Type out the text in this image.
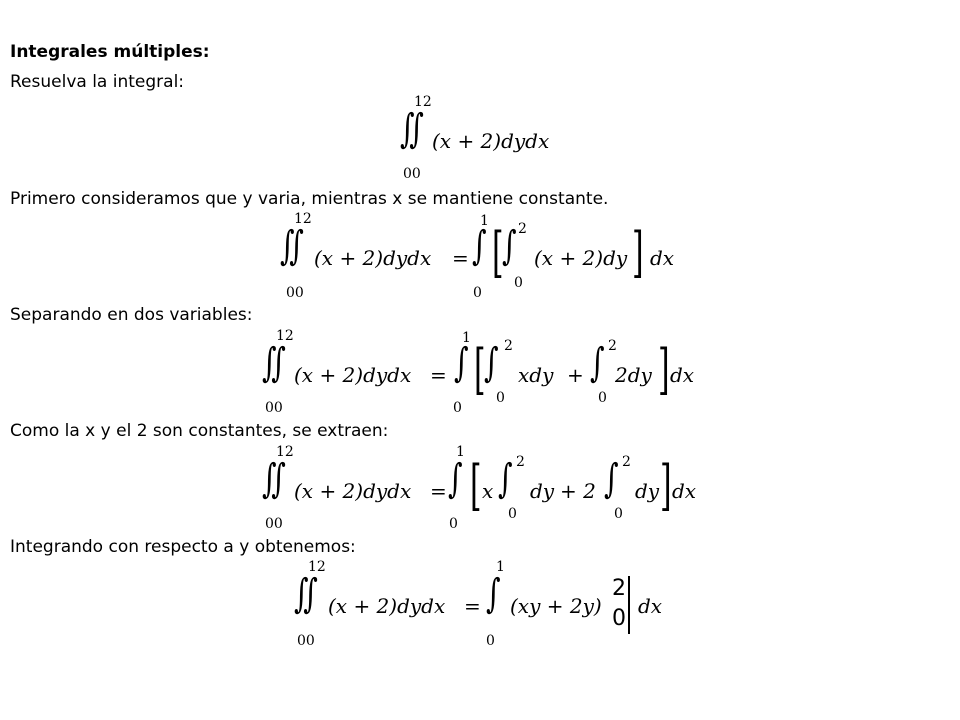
Integrales múltiples:
Resuelva la integral:
12
∬
00
(x + 2)dydx
Primero consideramos que y varia, mientras x se mantiene constante.
12
∬
00
(x + 2)dydx =
1
∫
0
[
∫ 2
0
(x + 2)dy ] dx
Separando en dos variables:
12
∬
00
(x + 2)dydx =
1
∫
0
[
∫ 2
0
xdy + ∫ 2
0
2dy ] dx
Como la x y el 2 son constantes, se extraen:
12
∬
00
(x + 2)dydx =
1
∫
0
[ x ∫ 2
0
dy + 2 ∫ 2
0
dy ] dx
Integrando con respecto a y obtenemos:
12
∬
00
(x + 2)dydx =
1
∫
0
(xy + 2y)
2
0 dx
